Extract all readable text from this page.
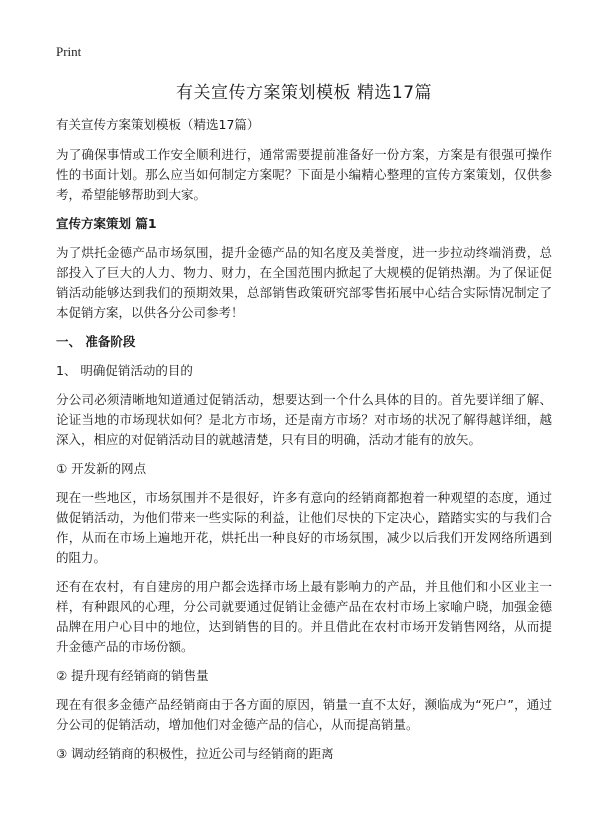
Print
有关宣传方案策划模板 精选17篇
有关宣传方案策划模板（精选17篇）

为了确保事情或工作安全顺利进行，通常需要提前准备好一份方案，方案是有很强可操作性的书面计划。那么应当如何制定方案呢？下面是小编精心整理的宣传方案策划，仅供参考，希望能够帮助到大家。

宣传方案策划 篇1

为了烘托金德产品市场氛围，提升金德产品的知名度及美誉度，进一步拉动终端消费，总部投入了巨大的人力、物力、财力，在全国范围内掀起了大规模的促销热潮。为了保证促销活动能够达到我们的预期效果，总部销售政策研究部零售拓展中心结合实际情况制定了本促销方案，以供各分公司参考！

一、 准备阶段
1、 明确促销活动的目的

分公司必须清晰地知道通过促销活动，想要达到一个什么具体的目的。首先要详细了解、论证当地的市场现状如何？是北方市场，还是南方市场？对市场的状况了解得越详细，越深入，相应的对促销活动目的就越清楚，只有目的明确，活动才能有的放矢。

① 开发新的网点

现在一些地区，市场氛围并不是很好，许多有意向的经销商都抱着一种观望的态度，通过做促销活动，为他们带来一些实际的利益，让他们尽快的下定决心，踏踏实实的与我们合作，从而在市场上遍地开花，烘托出一种良好的市场氛围，减少以后我们开发网络所遇到的阻力。

还有在农村，有自建房的用户都会选择市场上最有影响力的产品，并且他们和小区业主一样，有种跟风的心理，分公司就要通过促销让金德产品在农村市场上家喻户晓，加强金德品牌在用户心目中的地位，达到销售的目的。并且借此在农村市场开发销售网络，从而提升金德产品的市场份额。

② 提升现有经销商的销售量

现在有很多金德产品经销商由于各方面的原因，销量一直不太好，濒临成为“死户”，通过分公司的促销活动，增加他们对金德产品的信心，从而提高销量。

③ 调动经销商的积极性，拉近公司与经销商的距离
